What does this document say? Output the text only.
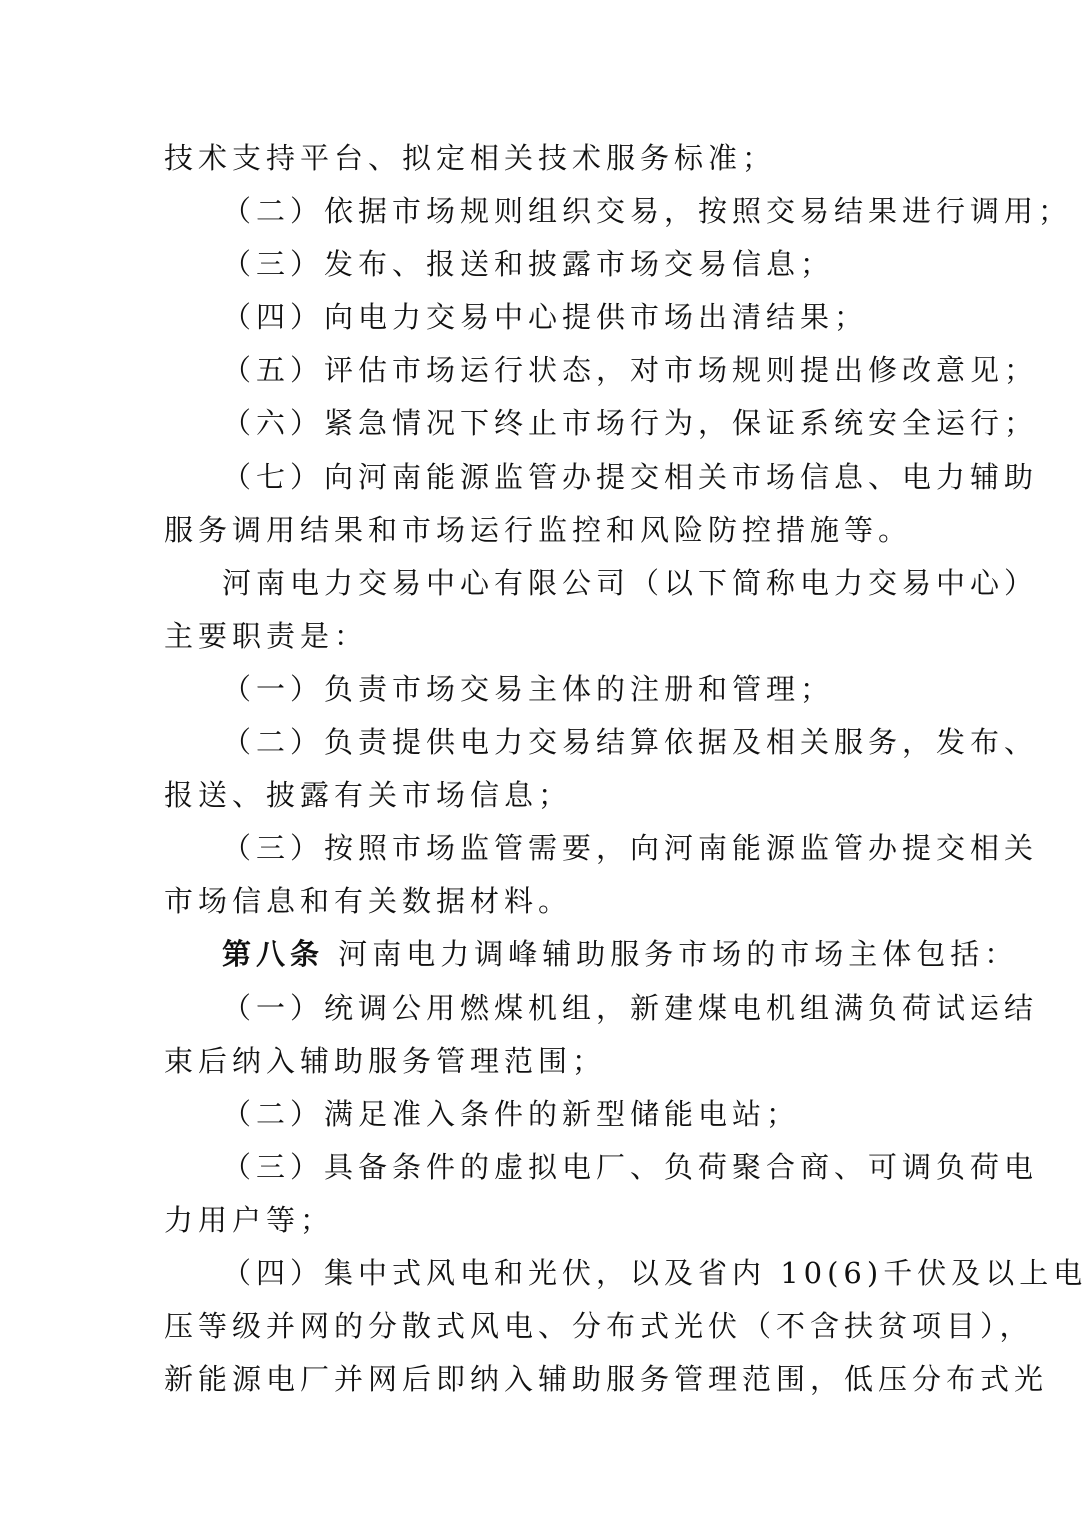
技术支持平台、拟定相关技术服务标准；
（二）依据市场规则组织交易，按照交易结果进行调用；
（三）发布、报送和披露市场交易信息；
（四）向电力交易中心提供市场出清结果；
（五）评估市场运行状态，对市场规则提出修改意见；
（六）紧急情况下终止市场行为，保证系统安全运行；
（七）向河南能源监管办提交相关市场信息、电力辅助
服务调用结果和市场运行监控和风险防控措施等。
河南电力交易中心有限公司（以下简称电力交易中心）
主要职责是：
（一）负责市场交易主体的注册和管理；
（二）负责提供电力交易结算依据及相关服务，发布、
报送、披露有关市场信息；
（三）按照市场监管需要，向河南能源监管办提交相关
市场信息和有关数据材料。
第八条 河南电力调峰辅助服务市场的市场主体包括：
（一）统调公用燃煤机组，新建煤电机组满负荷试运结
束后纳入辅助服务管理范围；
（二）满足准入条件的新型储能电站；
（三）具备条件的虚拟电厂、负荷聚合商、可调负荷电
力用户等；
（四）集中式风电和光伏，以及省内 10(6)千伏及以上电
压等级并网的分散式风电、分布式光伏（不含扶贫项目），
新能源电厂并网后即纳入辅助服务管理范围，低压分布式光
